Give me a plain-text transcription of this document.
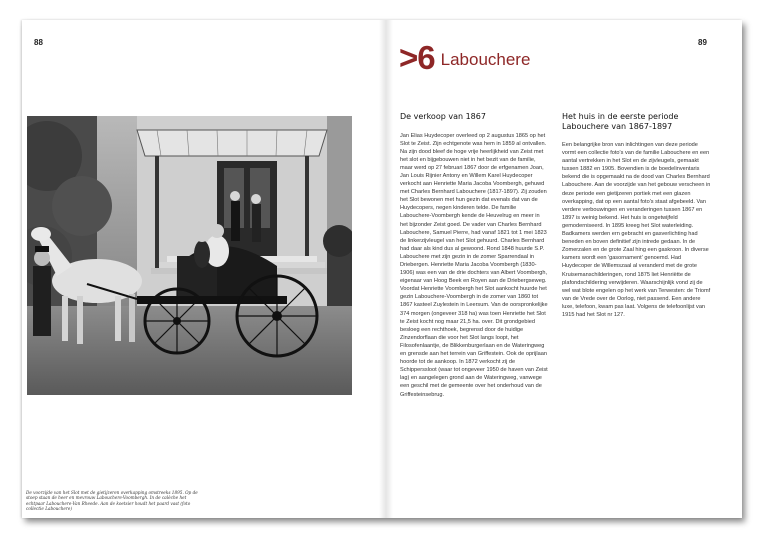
88	89
De voorzijde van het Slot met de gietijzeren overkapping omstreeks 1895. Op de stoep staan de heer en mevrouw Labouchere-Voombergh. In de calèche het echtpaar Labouchere-Van Rheede. Aan de koetsier houdt het paard vast (foto collectie Labouchere)
>6 Labouchere
De verkoop van 1867

Jan Elias Huydecoper overleed op 2 augustus 1865 op het Slot te Zeist. Zijn echtgenote was hem in 1859 al ontvallen. Na zijn dood bleef de hoge vrije heerlijkheid van Zeist met het slot en bijgebouwen niet in het bezit van de familie, maar werd op 27 februari 1867 door de erfgenamen Joan, Jan Louis Rijnier Antony en Willem Karel Huydecoper verkocht aan Henriette Maria Jacoba Voombergh, gehuwd met Charles Bernhard Labouchere (1817-1897). Zij zouden het Slot bewonen met hun gezin dat evenals dat van de Huydecopers, negen kinderen telde. De familie Labouchere-Voombergh kende de Heuvelrug en meer in het bijzonder Zeist goed. De vader van Charles Bernhard Labouchere, Samuel Pierre, had vanaf 1821 tot 1 mei 1823 de linkerzijvleugel van het Slot gehuurd. Charles Bernhard had daar als kind dus al gewoond. Rond 1848 huurde S.P. Labouchere met zijn gezin in de zomer Sparrendaal in Driebergen. Henriette Maria Jacoba Voombergh (1830-1906) was een van de drie dochters van Albert Voombergh, eigenaar van Hoog Beek en Royen aan de Driebergseweg. Voordat Henriette Voombergh het Slot aankocht huurde het gezin Labouchere-Voombergh in de zomer van 1860 tot 1867 kasteel Zuylestein in Leersum. Van de oorspronkelijke 374 morgen (ongeveer 318 ha) was toen Henriette het Slot te Zeist kocht nog maar 21,5 ha. over. Dit grondgebied besloeg een rechthoek, begrensd door de huidige Zinzendorflaan die voor het Slot langs loopt, het Filosofenlaantje, de Blikkenburgerlaan en de Wateringweg en grensde aan het terrein van Griffestein. Ook de oprijlaan hoorde tot de aankoop. In 1872 verkocht zij de Schipperssloot (waar tot ongeveer 1950 de haven van Zeist lag) en aangelegen grond aan de Wateringweg, vanwege een geschil met de gemeente over het onderhoud van de Griffesteinsebrug.

Het huis in de eerste periode Labouchere van 1867-1897

Een belangrijke bron van inlichtingen van deze periode vormt een collectie foto's van de familie Labouchere en een aantal vertrekken in het Slot en de zijvleugels, gemaakt tussen 1882 en 1905. Bovendien is de boedelinventaris bekend die is opgemaakt na de dood van Charles Bernhard Labouchere. Aan de voorzijde van het gebouw verscheen in deze periode een gietijzeren portiek met een glazen overkapping, dat op een aantal foto's staat afgebeeld. Van verdere verbouwingen en veranderingen tussen 1867 en 1897 is weinig bekend. Het huis is ongetwijfeld gemoderniseerd. In 1895 kreeg het Slot waterleiding. Badkamers werden ern gebracht en gasverlichting had beneden en boven definitief zijn intrede gedaan. In de Zomerzalen en de grote Zaal hing een gaskroon. In diverse kamers wordt een 'gasornament' genoemd. Had Huydecoper de Willemszaal al veranderd met de grote Kruisemanschilderingen, rond 1875 liet Henriëtte de plafondschildering verwijderen. Waarschijnlijk vond zij de wel wat blote engelen op het werk van Terwesten: de Triomf van de Vrede over de Oorlog, niet passend. Een andere luxe, telefoon, kwam pas laat. Volgens de telefoonlijst van 1915 had het Slot nr 127.
